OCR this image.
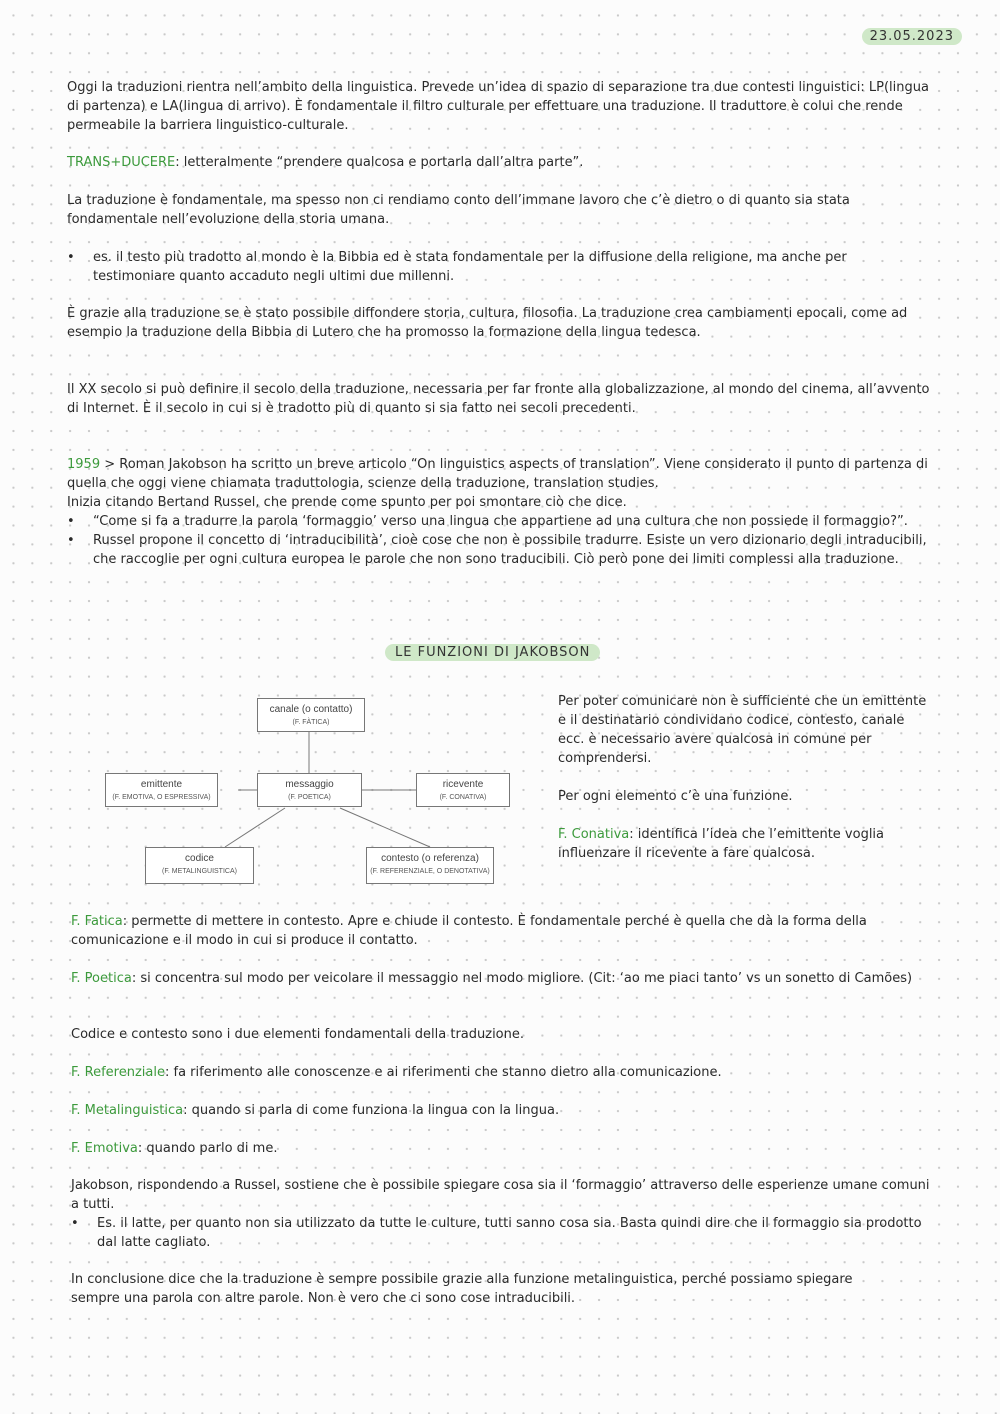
23.05.2023

Oggi la traduzioni rientra nell’ambito della linguistica. Prevede un’idea di spazio di separazione tra due contesti linguistici: LP(lingua di partenza) e LA(lingua di arrivo). È fondamentale il filtro culturale per effettuare una traduzione. Il traduttore è colui che rende permeabile la barriera linguistico-culturale.

TRANS+DUCERE: letteralmente “prendere qualcosa e portarla dall’altra parte”.

La traduzione è fondamentale, ma spesso non ci rendiamo conto dell’immane lavoro che c’è dietro o di quanto sia stata fondamentale nell’evoluzione della storia umana.

• es. il testo più tradotto al mondo è la Bibbia ed è stata fondamentale per la diffusione della religione, ma anche per testimoniare quanto accaduto negli ultimi due millenni.

È grazie alla traduzione se è stato possibile diffondere storia, cultura, filosofia. La traduzione crea cambiamenti epocali, come ad esempio la traduzione della Bibbia di Lutero che ha promosso la formazione della lingua tedesca.

Il XX secolo si può definire il secolo della traduzione, necessaria per far fronte alla globalizzazione, al mondo del cinema, all’avvento di Internet. È il secolo in cui si è tradotto più di quanto si sia fatto nei secoli precedenti.

1959 > Roman Jakobson ha scritto un breve articolo “On linguistics aspects of translation”. Viene considerato il punto di partenza di quella che oggi viene chiamata traduttologia, scienze della traduzione, translation studies.

Inizia citando Bertand Russel, che prende come spunto per poi smontare ciò che dice.

• “Come si fa a tradurre la parola ‘formaggio’ verso una lingua che appartiene ad una cultura che non possiede il formaggio?”.

• Russel propone il concetto di ‘intraducibilità’, cioè cose che non è possibile tradurre. Esiste un vero dizionario degli intraducibili, che raccoglie per ogni cultura europea le parole che non sono traducibili. Ciò però pone dei limiti complessi alla traduzione.

LE FUNZIONI DI JAKOBSON
canale (o contatto)
(F. FÀTICA)
emittente
(F. EMOTIVA, O ESPRESSIVA)
messaggio
(F. POETICA)
ricevente
(F. CONATIVA)
codice
(F. METALINGUISTICA)
contesto (o referenza)
(F. REFERENZIALE, O DENOTATIVA)

Per poter comunicare non è sufficiente che un emittente e il destinatario condividano codice, contesto, canale ecc. è necessario avere qualcosa in comune per comprendersi.

Per ogni elemento c’è una funzione.

F. Conativa: identifica l’idea che l’emittente voglia influenzare il ricevente a fare qualcosa.

F. Fatica: permette di mettere in contesto. Apre e chiude il contesto. È fondamentale perché è quella che dà la forma della comunicazione e il modo in cui si produce il contatto.

F. Poetica: si concentra sul modo per veicolare il messaggio nel modo migliore. (Cit: ‘ao me piaci tanto’ vs un sonetto di Camões)

Codice e contesto sono i due elementi fondamentali della traduzione.

F. Referenziale: fa riferimento alle conoscenze e ai riferimenti che stanno dietro alla comunicazione.

F. Metalinguistica: quando si parla di come funziona la lingua con la lingua.

F. Emotiva: quando parlo di me.

Jakobson, rispondendo a Russel, sostiene che è possibile spiegare cosa sia il ‘formaggio’ attraverso delle esperienze umane comuni a tutti.

• Es. il latte, per quanto non sia utilizzato da tutte le culture, tutti sanno cosa sia. Basta quindi dire che il formaggio sia prodotto dal latte cagliato.

In conclusione dice che la traduzione è sempre possibile grazie alla funzione metalinguistica, perché possiamo spiegare sempre una parola con altre parole. Non è vero che ci sono cose intraducibili.
